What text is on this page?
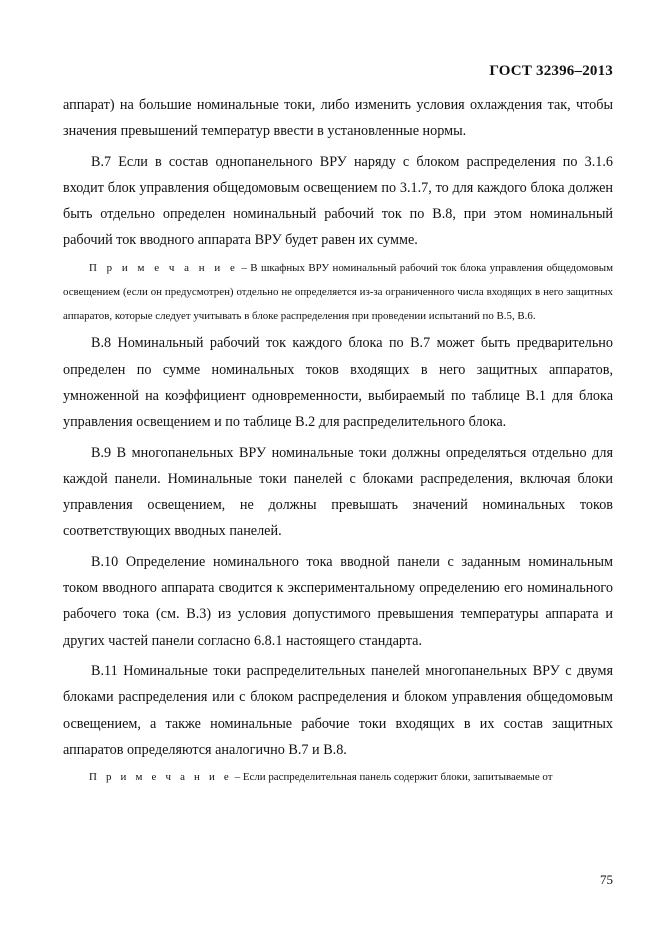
ГОСТ 32396–2013

аппарат) на большие номинальные токи, либо изменить условия охлаждения так, чтобы значения превышений температур ввести в установленные нормы.

В.7 Если в состав однопанельного ВРУ наряду с блоком распределения по 3.1.6 входит блок управления общедомовым освещением по 3.1.7, то для каждого блока должен быть отдельно определен номинальный рабочий ток по В.8, при этом номинальный рабочий ток вводного аппарата ВРУ будет равен их сумме.

П р и м е ч а н и е – В шкафных ВРУ номинальный рабочий ток блока управления общедомовым освещением (если он предусмотрен) отдельно не определяется из-за ограниченного числа входящих в него защитных аппаратов, которые следует учитывать в блоке распределения при проведении испытаний по В.5, В.6.

В.8 Номинальный рабочий ток каждого блока по В.7 может быть предварительно определен по сумме номинальных токов входящих в него защитных аппаратов, умноженной на коэффициент одновременности, выбираемый по таблице В.1 для блока управления освещением и по таблице В.2 для распределительного блока.

В.9 В многопанельных ВРУ номинальные токи должны определяться отдельно для каждой панели. Номинальные токи панелей с блоками распределения, включая блоки управления освещением, не должны превышать значений номинальных токов соответствующих вводных панелей.

В.10 Определение номинального тока вводной панели с заданным номинальным током вводного аппарата сводится к экспериментальному определению его номинального рабочего тока (см. В.3) из условия допустимого превышения температуры аппарата и других частей панели согласно 6.8.1 настоящего стандарта.

В.11 Номинальные токи распределительных панелей многопанельных ВРУ с двумя блоками распределения или с блоком распределения и блоком управления общедомовым освещением, а также номинальные рабочие токи входящих в их состав защитных аппаратов определяются аналогично В.7 и В.8.

П р и м е ч а н и е – Если распределительная панель содержит блоки, запитываемые от

75
